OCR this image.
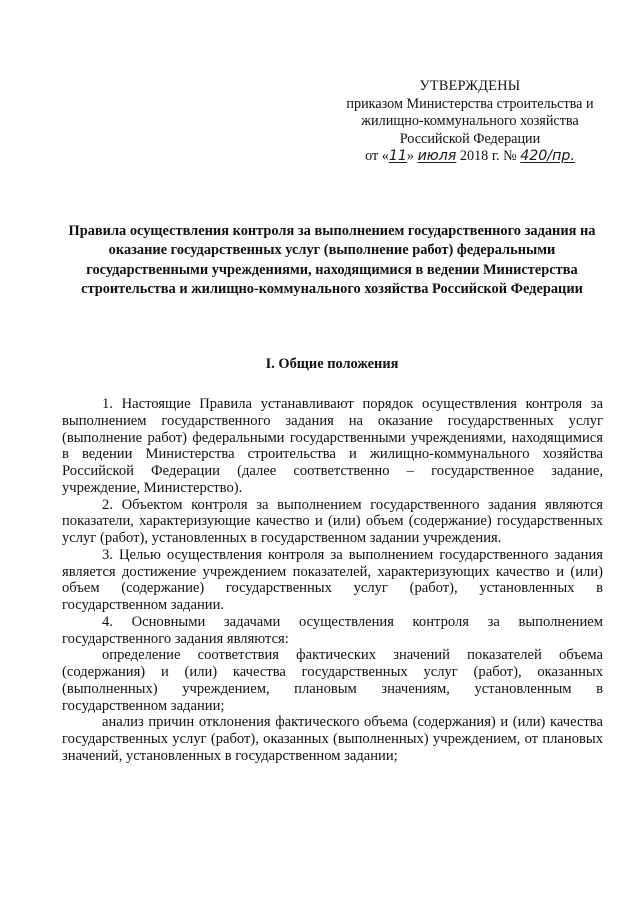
УТВЕРЖДЕНЫ
приказом Министерства строительства и
жилищно-коммунального хозяйства
Российской Федерации
от «11» июля 2018 г. № 420/пр.
Правила осуществления контроля за выполнением государственного задания на оказание государственных услуг (выполнение работ) федеральными государственными учреждениями, находящимися в ведении Министерства строительства и жилищно-коммунального хозяйства Российской Федерации
I. Общие положения

1. Настоящие Правила устанавливают порядок осуществления контроля за выполнением государственного задания на оказание государственных услуг (выполнение работ) федеральными государственными учреждениями, находящимися в ведении Министерства строительства и жилищно-коммунального хозяйства Российской Федерации (далее соответственно – государственное задание, учреждение, Министерство).

2. Объектом контроля за выполнением государственного задания являются показатели, характеризующие качество и (или) объем (содержание) государственных услуг (работ), установленных в государственном задании учреждения.

3. Целью осуществления контроля за выполнением государственного задания является достижение учреждением показателей, характеризующих качество и (или) объем (содержание) государственных услуг (работ), установленных в государственном задании.

4. Основными задачами осуществления контроля за выполнением государственного задания являются:

определение соответствия фактических значений показателей объема (содержания) и (или) качества государственных услуг (работ), оказанных (выполненных) учреждением, плановым значениям, установленным в государственном задании;

анализ причин отклонения фактического объема (содержания) и (или) качества государственных услуг (работ), оказанных (выполненных) учреждением, от плановых значений, установленных в государственном задании;
